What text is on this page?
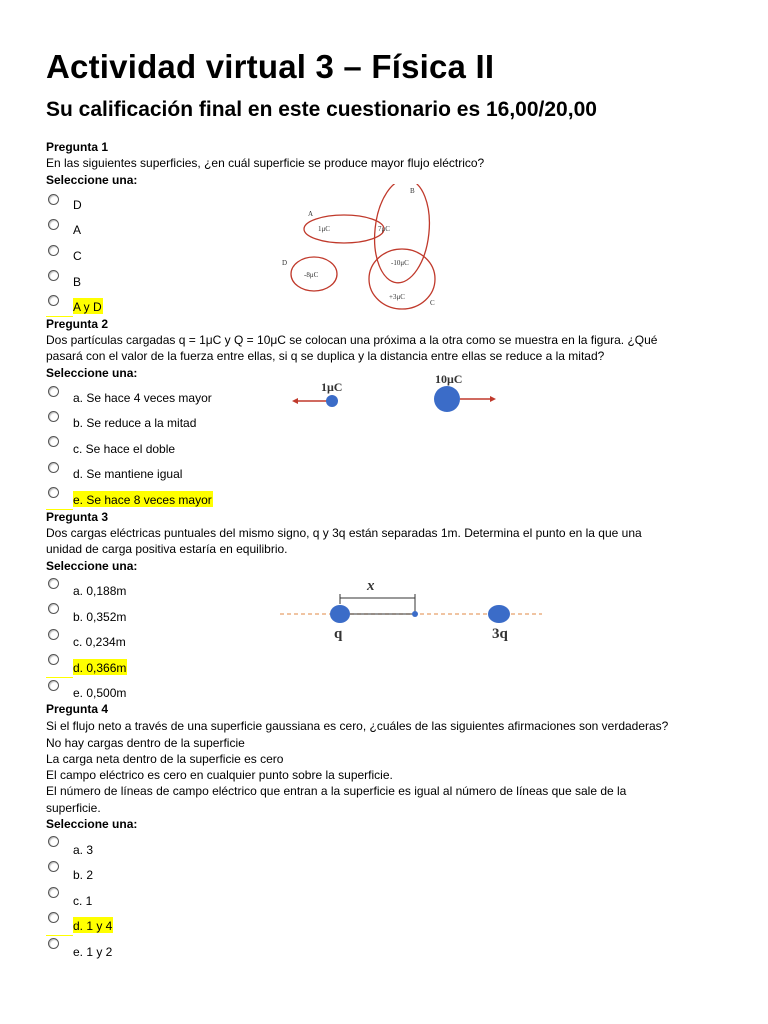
Actividad virtual 3 – Física II
Su calificación final en este cuestionario es 16,00/20,00
Pregunta 1
En las siguientes superficies, ¿en cuál superficie se produce mayor flujo eléctrico?
Seleccione una:
D
A
C
B
A y D
A
B
C
D
1μC	7μC
-10μC
-8μC
+3μC
Pregunta 2
Dos partículas cargadas q = 1μC y Q = 10μC se colocan una próxima a la otra como se muestra en la figura. ¿Qué
pasará con el valor de la fuerza entre ellas, si q se duplica y la distancia entre ellas se reduce a la mitad?
Seleccione una:
a. Se hace 4 veces mayor
b. Se reduce a la mitad
c. Se hace el doble
d. Se mantiene igual
e. Se hace 8 veces mayor
1μC
10μC
Pregunta 3
Dos cargas eléctricas puntuales del mismo signo, q y 3q están separadas 1m. Determina el punto en la que una
unidad de carga positiva estaría en equilibrio.
Seleccione una:
a. 0,188m
b. 0,352m
c. 0,234m
d. 0,366m
e. 0,500m
x
q	3q
Pregunta 4
Si el flujo neto a través de una superficie gaussiana es cero, ¿cuáles de las siguientes afirmaciones son verdaderas?
No hay cargas dentro de la superficie
La carga neta dentro de la superficie es cero
El campo eléctrico es cero en cualquier punto sobre la superficie.
El número de líneas de campo eléctrico que entran a la superficie es igual al número de líneas que sale de la
superficie.
Seleccione una:
a. 3
b. 2
c. 1
d. 1 y 4
e. 1 y 2
